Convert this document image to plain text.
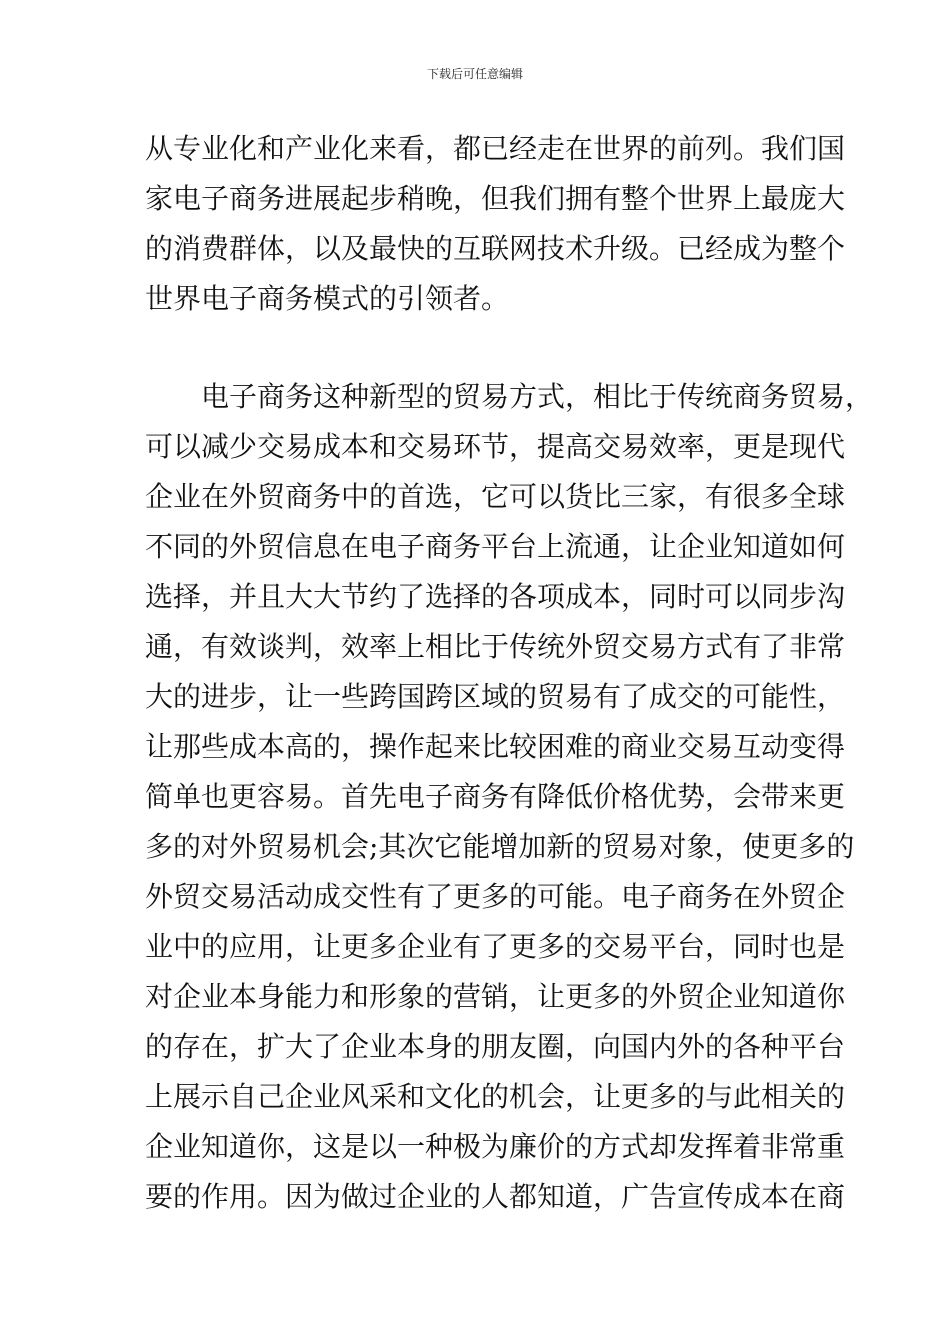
下载后可任意编辑
从专业化和产业化来看，都已经走在世界的前列。我们国
家电子商务进展起步稍晚，但我们拥有整个世界上最庞大
的消费群体，以及最快的互联网技术升级。已经成为整个
世界电子商务模式的引领者。
电子商务这种新型的贸易方式，相比于传统商务贸易，
可以减少交易成本和交易环节，提高交易效率，更是现代
企业在外贸商务中的首选，它可以货比三家，有很多全球
不同的外贸信息在电子商务平台上流通，让企业知道如何
选择，并且大大节约了选择的各项成本，同时可以同步沟
通，有效谈判，效率上相比于传统外贸交易方式有了非常
大的进步，让一些跨国跨区域的贸易有了成交的可能性，
让那些成本高的，操作起来比较困难的商业交易互动变得
简单也更容易。首先电子商务有降低价格优势，会带来更
多的对外贸易机会;其次它能增加新的贸易对象，使更多的
外贸交易活动成交性有了更多的可能。电子商务在外贸企
业中的应用，让更多企业有了更多的交易平台，同时也是
对企业本身能力和形象的营销，让更多的外贸企业知道你
的存在，扩大了企业本身的朋友圈，向国内外的各种平台
上展示自己企业风采和文化的机会，让更多的与此相关的
企业知道你，这是以一种极为廉价的方式却发挥着非常重
要的作用。因为做过企业的人都知道，广告宣传成本在商
